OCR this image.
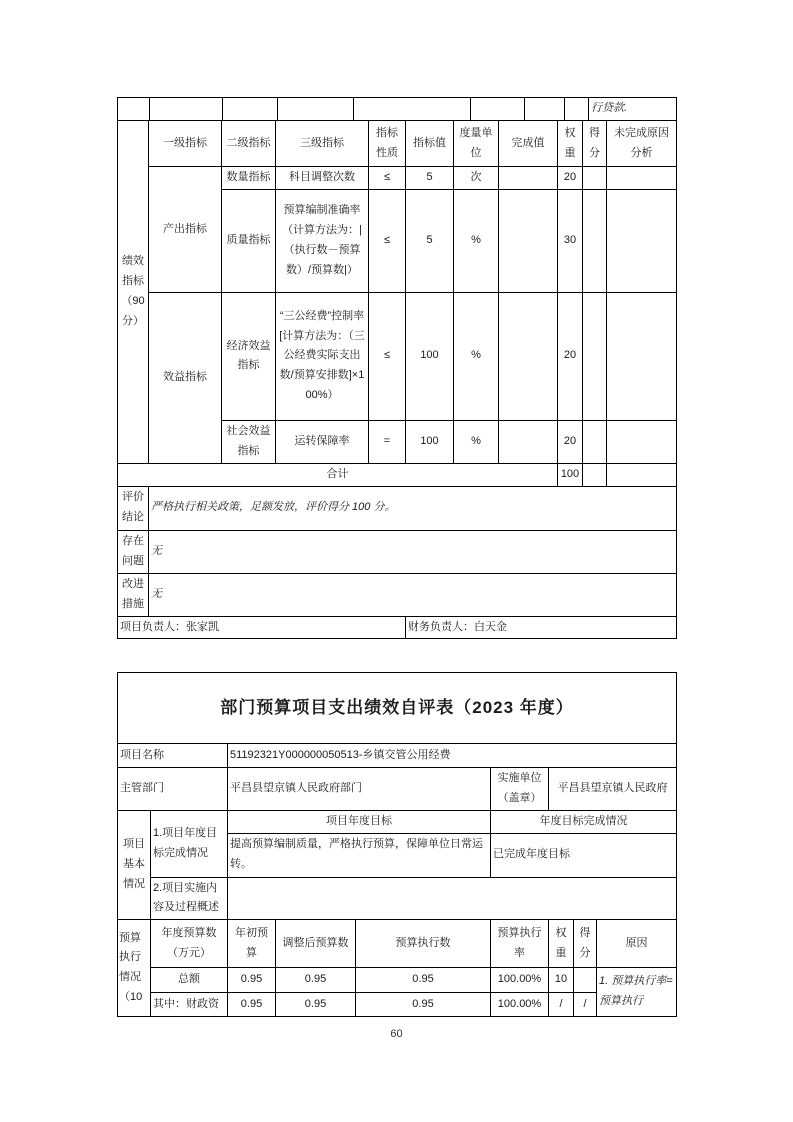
								行贷款.
绩效指标（90分）	一级指标	二级指标	三级指标	指标性质	指标值	度量单位	完成值	权重	得分	未完成原因分析
	产出指标	数量指标	科目调整次数	≤	5	次		20		
		质量指标	预算编制准确率（计算方法为：|（执行数－预算数）/预算数|）	≤	5	%		30		
	效益指标	经济效益指标	“三公经费”控制率[计算方法为：（三公经费实际支出数/预算安排数]×100%）	≤	100	%		20		
		社会效益指标	运转保障率	=	100	%		20		
合计								100		
评价结论	严格执行相关政策，足额发放，评价得分 100 分。									
存在问题	无									
改进措施	无									
项目负责人：张家凯					财务负责人：白天金					
部门预算项目支出绩效自评表（2023 年度）								
项目名称		51192321Y000000050513-乡镇交管公用经费						
主管部门		平昌县望京镇人民政府部门			实施单位（盖章）	平昌县望京镇人民政府		
项目基本情况	1.项目年度目标完成情况	项目年度目标			年度目标完成情况			
		提高预算编制质量，严格执行预算，保障单位日常运转。			已完成年度目标			
	2.项目实施内容及过程概述							
预算执行情况（10	年度预算数（万元）	年初预算	调整后预算数	预算执行数	预算执行率	权重	得分	原因
	总额	0.95	0.95	0.95	100.00%	10		1. 预算执行率=预算执行
	其中：财政资	0.95	0.95	0.95	100.00%	/	/	
60
